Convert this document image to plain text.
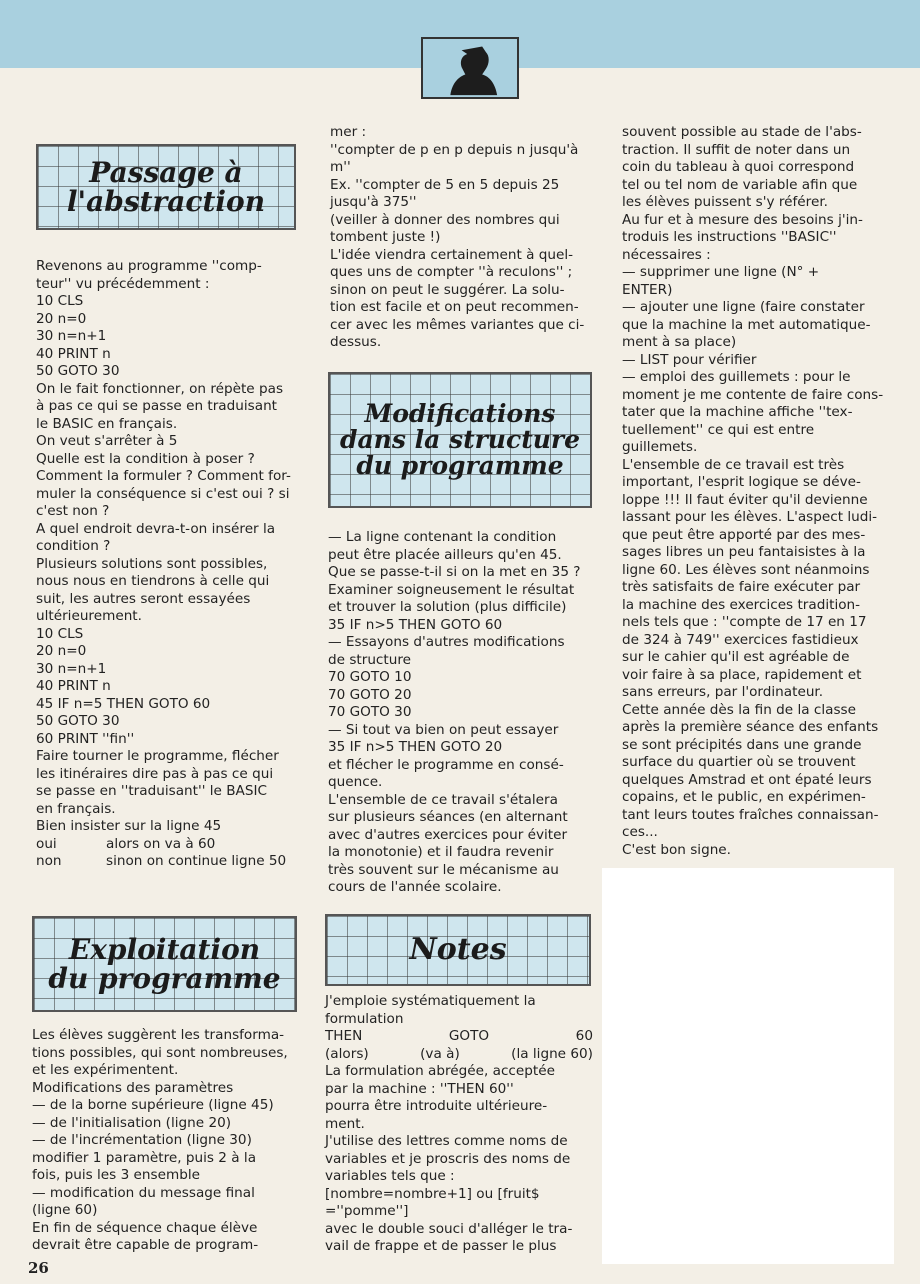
Passage à
l'abstraction
Modifications
dans la structure
du programme
Exploitation
du programme
Notes
Revenons au programme ''comp-
teur'' vu précédemment :
10 CLS
20 n=0
30 n=n+1
40 PRINT n
50 GOTO 30
On le fait fonctionner, on répète pas
à pas ce qui se passe en traduisant
le BASIC en français.
On veut s'arrêter à 5
Quelle est la condition à poser ?
Comment la formuler ? Comment for-
muler la conséquence si c'est oui ? si
c'est non ?
A quel endroit devra-t-on insérer la
condition ?
Plusieurs solutions sont possibles,
nous nous en tiendrons à celle qui
suit, les autres seront essayées
ultérieurement.
10 CLS
20 n=0
30 n=n+1
40 PRINT n
45 IF n=5 THEN GOTO 60
50 GOTO 30
60 PRINT ''fin''
Faire tourner le programme, flécher
les itinéraires dire pas à pas ce qui
se passe en ''traduisant'' le BASIC
en français.
Bien insister sur la ligne 45
oui	alors on va à 60
non	sinon on continue ligne 50
Les élèves suggèrent les transforma-
tions possibles, qui sont nombreuses,
et les expérimentent.
Modifications des paramètres
— de la borne supérieure (ligne 45)
— de l'initialisation (ligne 20)
— de l'incrémentation (ligne 30)
modifier 1 paramètre, puis 2 à la
fois, puis les 3 ensemble
— modification du message final
(ligne 60)
En fin de séquence chaque élève
devrait être capable de program-
mer :
''compter de p en p depuis n jusqu'à
m''
Ex. ''compter de 5 en 5 depuis 25
jusqu'à 375''
(veiller à donner des nombres qui
tombent juste !)
L'idée viendra certainement à quel-
ques uns de compter ''à reculons'' ;
sinon on peut le suggérer. La solu-
tion est facile et on peut recommen-
cer avec les mêmes variantes que ci-
dessus.
— La ligne contenant la condition
peut être placée ailleurs qu'en 45.
Que se passe-t-il si on la met en 35 ?
Examiner soigneusement le résultat
et trouver la solution (plus difficile)
35 IF n>5 THEN GOTO 60
— Essayons d'autres modifications
de structure
70 GOTO 10
70 GOTO 20
70 GOTO 30
— Si tout va bien on peut essayer
35 IF n>5 THEN GOTO 20
et flécher le programme en consé-
quence.
L'ensemble de ce travail s'étalera
sur plusieurs séances (en alternant
avec d'autres exercices pour éviter
la monotonie) et il faudra revenir
très souvent sur le mécanisme au
cours de l'année scolaire.
J'emploie systématiquement la
formulation
THEN	GOTO	60
(alors)	(va à)	(la ligne 60)
La formulation abrégée, acceptée
par la machine : ''THEN 60''
pourra être introduite ultérieure-
ment.
J'utilise des lettres comme noms de
variables et je proscris des noms de
variables tels que :
[nombre=nombre+1] ou [fruit$
=''pomme'']
avec le double souci d'alléger le tra-
vail de frappe et de passer le plus
souvent possible au stade de l'abs-
traction. Il suffit de noter dans un
coin du tableau à quoi correspond
tel ou tel nom de variable afin que
les élèves puissent s'y référer.
Au fur et à mesure des besoins j'in-
troduis les instructions ''BASIC''
nécessaires :
— supprimer une ligne (N° +
ENTER)
— ajouter une ligne (faire constater
que la machine la met automatique-
ment à sa place)
— LIST pour vérifier
— emploi des guillemets : pour le
moment je me contente de faire cons-
tater que la machine affiche ''tex-
tuellement'' ce qui est entre
guillemets.
L'ensemble de ce travail est très
important, l'esprit logique se déve-
loppe !!! Il faut éviter qu'il devienne
lassant pour les élèves. L'aspect ludi-
que peut être apporté par des mes-
sages libres un peu fantaisistes à la
ligne 60. Les élèves sont néanmoins
très satisfaits de faire exécuter par
la machine des exercices tradition-
nels tels que : ''compte de 17 en 17
de 324 à 749'' exercices fastidieux
sur le cahier qu'il est agréable de
voir faire à sa place, rapidement et
sans erreurs, par l'ordinateur.
Cette année dès la fin de la classe
après la première séance des enfants
se sont précipités dans une grande
surface du quartier où se trouvent
quelques Amstrad et ont épaté leurs
copains, et le public, en expérimen-
tant leurs toutes fraîches connaissan-
ces...
C'est bon signe.
26
